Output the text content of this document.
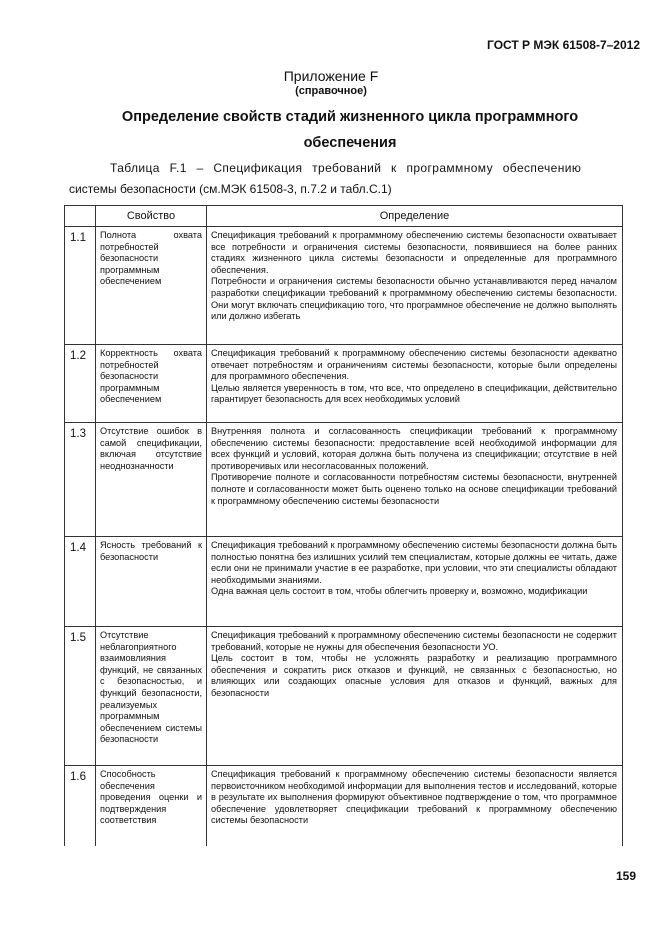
ГОСТ Р МЭК 61508-7–2012
Приложение F
(справочное)
Определение свойств стадий жизненного цикла программного обеспечения
Таблица F.1 – Спецификация требований к программному обеспечению
системы безопасности (см.МЭК 61508-3, п.7.2 и табл.С.1)
	Свойство	Определение
1.1	Полнота охвата потребностей безопасности программным обеспечением	Спецификация требований к программному обеспечению системы безопасности охватывает все потребности и ограничения системы безопасности, появившиеся на более ранних стадиях жизненного цикла системы безопасности и определенные для программного обеспечения.

Потребности и ограничения системы безопасности обычно устанавливаются перед началом разработки спецификации требований к программному обеспечению системы безопасности. Они могут включать спецификацию того, что программное обеспечение не должно выполнять или должно избегать

1.2	Корректность охвата потребностей безопасности программным обеспечением	Спецификация требований к программному обеспечению системы безопасности адекватно отвечает потребностям и ограничениям системы безопасности, которые были определены для программного обеспечения.

Целью является уверенность в том, что все, что определено в спецификации, действительно гарантирует безопасность для всех необходимых условий

1.3	Отсутствие ошибок в самой спецификации, включая отсутствие неоднозначности	Внутренняя полнота и согласованность спецификации требований к программному обеспечению системы безопасности: предоставление всей необходимой информации для всех функций и условий, которая должна быть получена из спецификации; отсутствие в ней противоречивых или несогласованных положений.

Противоречие полноте и согласованности потребностям системы безопасности, внутренней полноте и согласованности может быть оценено только на основе спецификации требований к программному обеспечению системы безопасности

1.4	Ясность требований к безопасности	Спецификация требований к программному обеспечению системы безопасности должна быть полностью понятна без излишних усилий тем специалистам, которые должны ее читать, даже если они не принимали участие в ее разработке, при условии, что эти специалисты обладают необходимыми знаниями.

Одна важная цель состоит в том, чтобы облегчить проверку и, возможно, модификации

1.5	Отсутствие неблагоприятного взаимовлияния функций, не связанных с безопасностью, и функций безопасности, реализуемых программным обеспечением системы безопасности	Спецификация требований к программному обеспечению системы безопасности не содержит требований, которые не нужны для обеспечения безопасности УО.

Цель состоит в том, чтобы не усложнять разработку и реализацию программного обеспечения и сократить риск отказов и функций, не связанных с безопасностью, но влияющих или создающих опасные условия для отказов и функций, важных для безопасности

1.6	Способность обеспечения проведения оценки и подтверждения соответствия	Спецификация требований к программному обеспечению системы безопасности является первоисточником необходимой информации для выполнения тестов и исследований, которые в результате их выполнения формируют объективное подтверждение о том, что программное обеспечение удовлетворяет спецификации требований к программному обеспечению системы безопасности

159
